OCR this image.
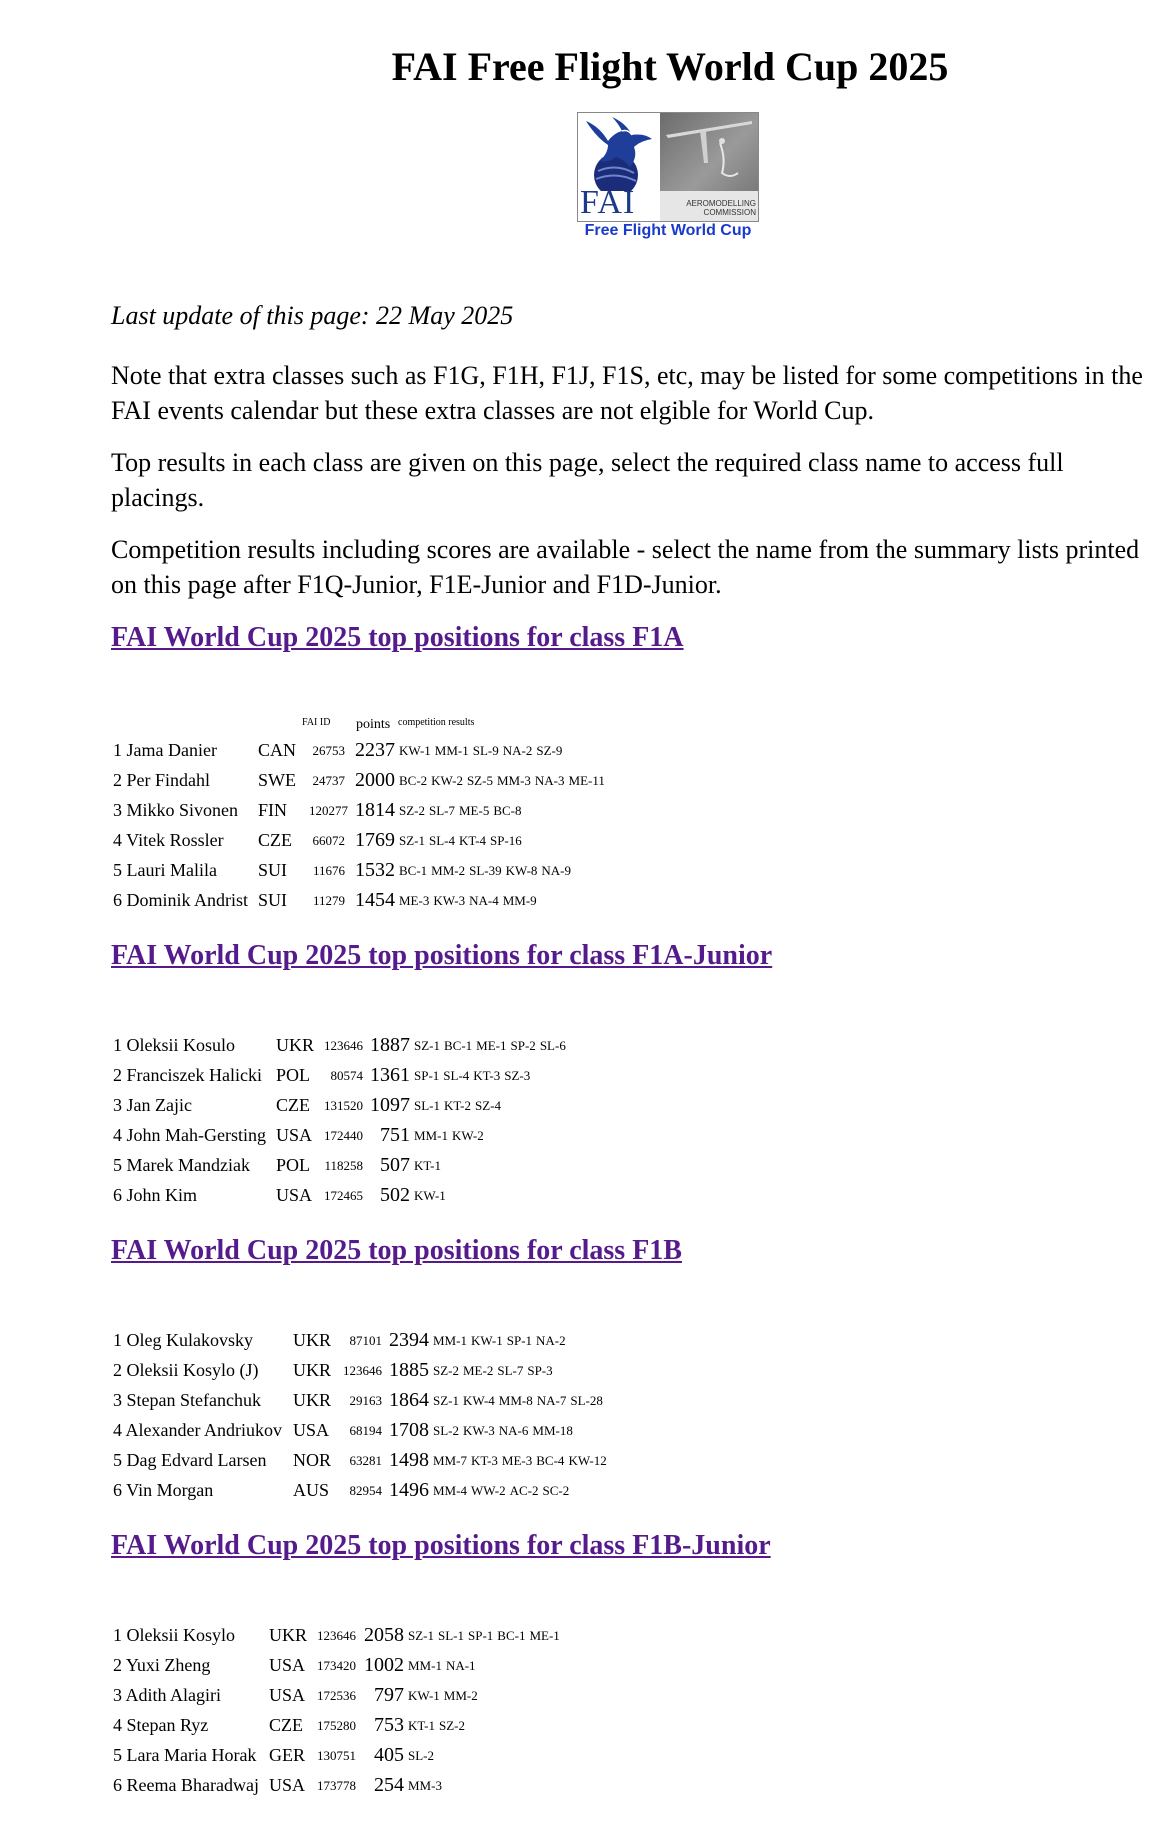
FAI Free Flight World Cup 2025

FAI	AEROMODELLING COMMISSION

Free Flight World Cup

Last update of this page: 22 May 2025

Note that extra classes such as F1G, F1H, F1J, F1S, etc, may be listed for some competitions in the
FAI events calendar but these extra classes are not elgible for World Cup.

Top results in each class are given on this page, select the required class name to access full
placings.

Competition results including scores are available - select the name from the summary lists printed
on this page after F1Q-Junior, F1E-Junior and F1D-Junior.

FAI World Cup 2025 top positions for class F1A
FAI ID points competition results
1 Jama Danier CAN 26753 2237 KW-1 MM-1 SL-9 NA-2 SZ-9
2 Per Findahl	SWE 24737 2000 BC-2 KW-2 SZ-5 MM-3 NA-3 ME-11
3 Mikko Sivonen FIN 120277 1814 SZ-2 SL-7 ME-5 BC-8
4 Vitek Rossler CZE 66072 1769 SZ-1 SL-4 KT-4 SP-16
5 Lauri Malila SUI	11676 1532 BC-1 MM-2 SL-39 KW-8 NA-9
6 Dominik Andrist SUI	11279 1454 ME-3 KW-3 NA-4 MM-9
FAI World Cup 2025 top positions for class F1A-Junior
1 Oleksii Kosulo UKR 123646 1887 SZ-1 BC-1 ME-1 SP-2 SL-6
2 Franciszek Halicki POL	80574 1361 SP-1 SL-4 KT-3 SZ-3
3 Jan Zajic	CZE	131520 1097 SL-1 KT-2 SZ-4
4 John Mah-Gersting USA 172440 751 MM-1 KW-2
5 Marek Mandziak POL	118258 507 KT-1
6 John Kim	USA 172465 502 KW-1
FAI World Cup 2025 top positions for class F1B
1 Oleg Kulakovsky UKR	87101 2394 MM-1 KW-1 SP-1 NA-2
2 Oleksii Kosylo (J) UKR 123646 1885 SZ-2 ME-2 SL-7 SP-3
3 Stepan Stefanchuk UKR	29163 1864 SZ-1 KW-4 MM-8 NA-7 SL-28
4 Alexander Andriukov USA	68194 1708 SL-2 KW-3 NA-6 MM-18
5 Dag Edvard Larsen NOR	63281 1498 MM-7 KT-3 ME-3 BC-4 KW-12
6 Vin Morgan	AUS	82954 1496 MM-4 WW-2 AC-2 SC-2
FAI World Cup 2025 top positions for class F1B-Junior
1 Oleksii Kosylo UKR 123646 2058 SZ-1 SL-1 SP-1 BC-1 ME-1
2 Yuxi Zheng	USA 173420 1002 MM-1 NA-1
3 Adith Alagiri	USA 172536 797 KW-1 MM-2
4 Stepan Ryz	CZE	175280 753 KT-1 SZ-2
5 Lara Maria Horak GER 130751 405 SL-2
6 Reema Bharadwaj USA 173778 254 MM-3
